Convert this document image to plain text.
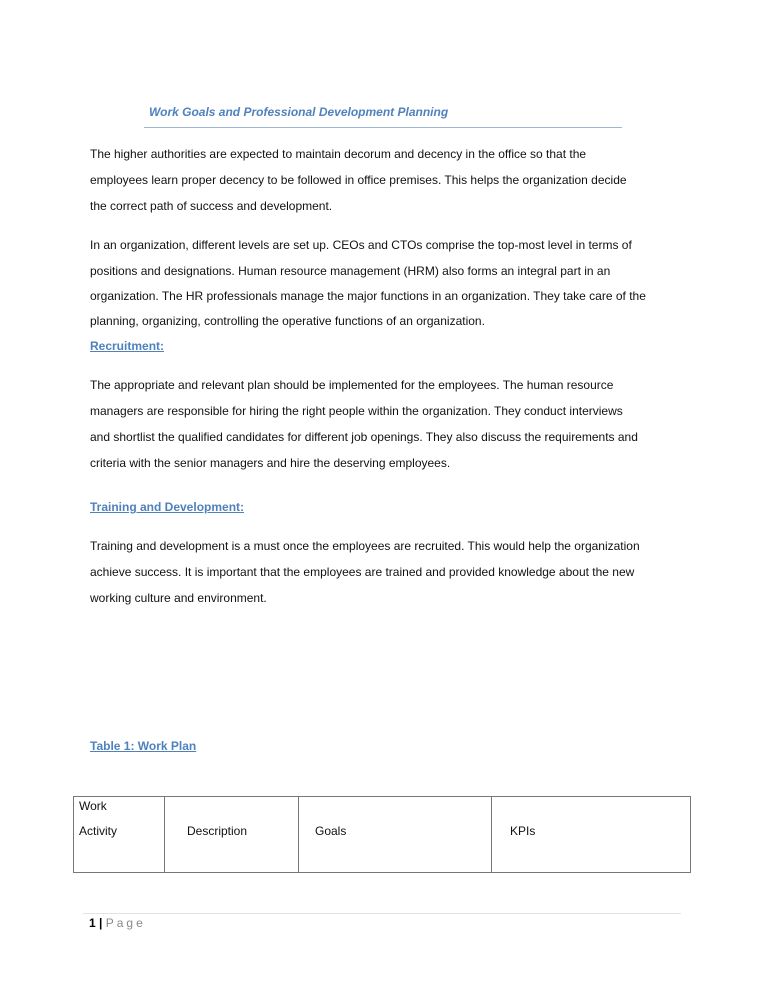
Work Goals and Professional Development Planning
The higher authorities are expected to maintain decorum and decency in the office so that the
employees learn proper decency to be followed in office premises. This helps the organization decide
the correct path of success and development.
In an organization, different levels are set up. CEOs and CTOs comprise the top-most level in terms of
positions and designations. Human resource management (HRM) also forms an integral part in an
organization. The HR professionals manage the major functions in an organization. They take care of the
planning, organizing, controlling the operative functions of an organization.
Recruitment:
The appropriate and relevant plan should be implemented for the employees. The human resource
managers are responsible for hiring the right people within the organization. They conduct interviews
and shortlist the qualified candidates for different job openings. They also discuss the requirements and
criteria with the senior managers and hire the deserving employees.
Training and Development:
Training and development is a must once the employees are recruited. This would help the organization
achieve success. It is important that the employees are trained and provided knowledge about the new
working culture and environment.
Table 1: Work Plan
Work
Activity	Description	Goals	KPIs
1 | Page
